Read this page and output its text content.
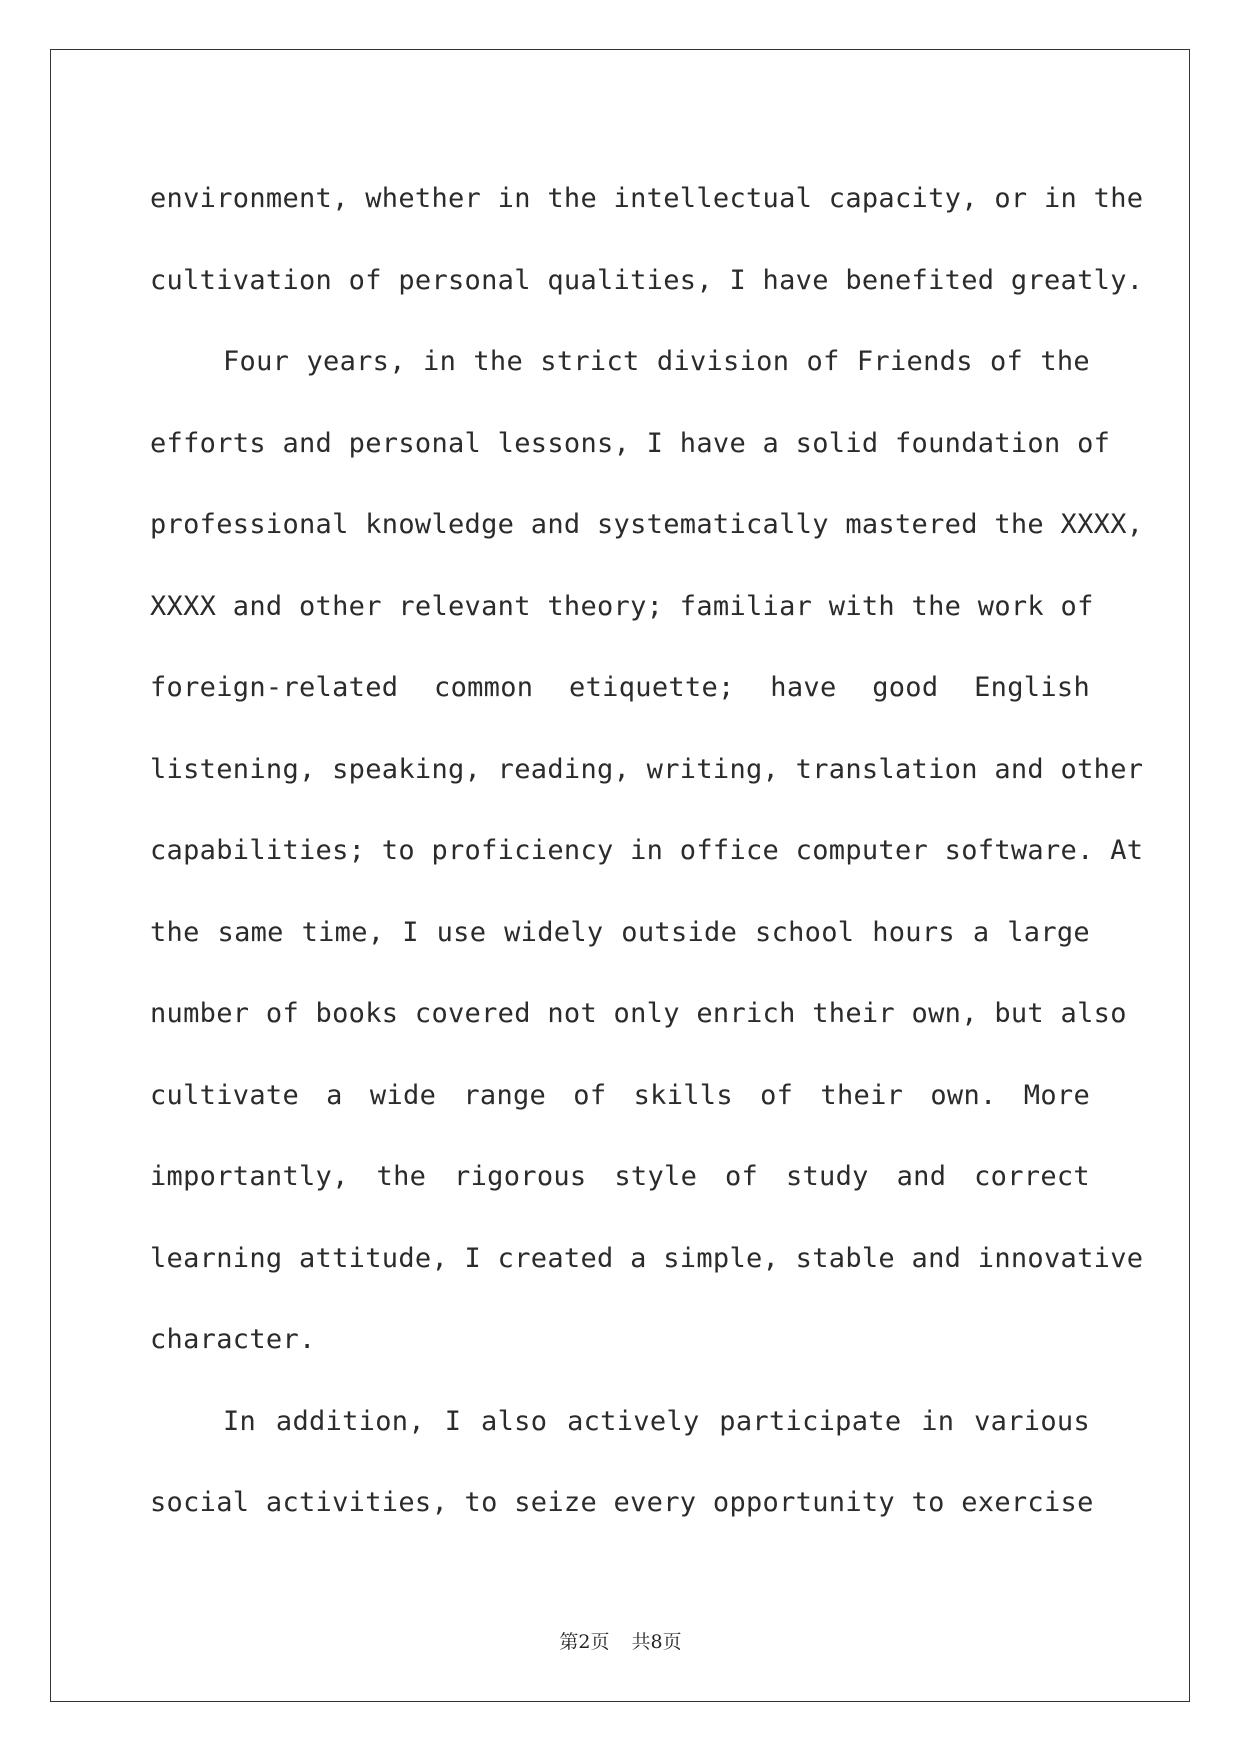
environment, whether in the intellectual capacity, or in the
cultivation of personal qualities, I have benefited greatly.
Four years, in the strict division of Friends of the
efforts and personal lessons, I have a solid foundation of
professional knowledge and systematically mastered the XXXX,
XXXX and other relevant theory; familiar with the work of
foreign-related common etiquette; have good English
listening, speaking, reading, writing, translation and other
capabilities; to proficiency in office computer software. At
the same time, I use widely outside school hours a large
number of books covered not only enrich their own, but also
cultivate a wide range of skills of their own. More
importantly, the rigorous style of study and correct
learning attitude, I created a simple, stable and innovative
character.
In addition, I also actively participate in various
social activities, to seize every opportunity to exercise
第2页 共8页
